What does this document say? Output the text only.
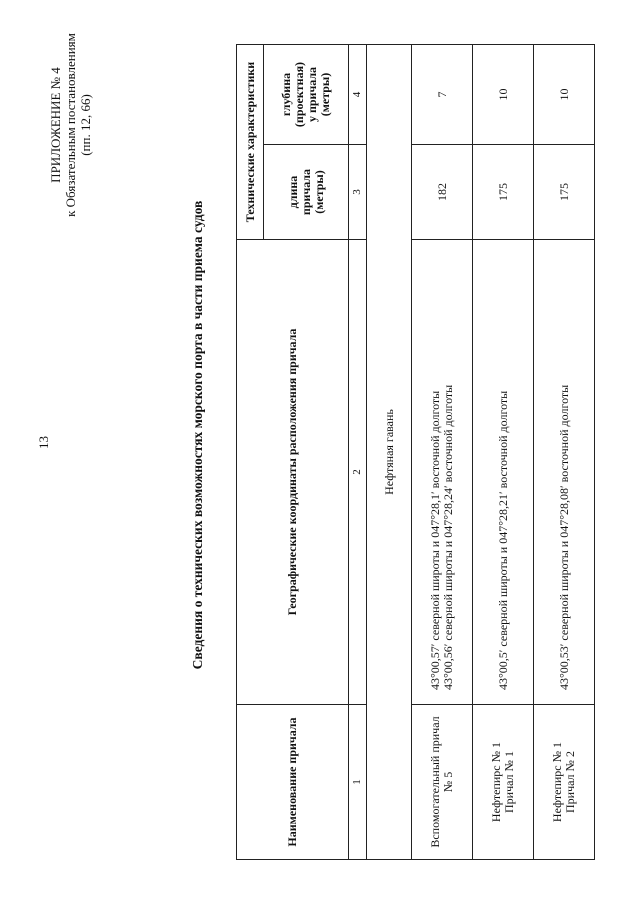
13
ПРИЛОЖЕНИЕ № 4 к Обязательным постановлениям (пп. 12, 66)
Сведения о технических возможностях морского порта в части приема судов
Наименование причала	Географические координаты расположения причала	Технические характеристики	

		длина причала (метры)	глубина (проектная) у причала (метры)

1	2	3	4
Нефтяная гавань			

Вспомогательный причал № 5	43°00,57′ северной широты и 047°28,1′ восточной долготы 43°00,56′ северной широты и 047°28,24′ восточной долготы	182	7

Нефтепирс № 1 Причал № 1	43°00,5′ северной широты и 047°28,21′ восточной долготы	175	10

Нефтепирс № 1 Причал № 2	43°00,53′ северной широты и 047°28,08′ восточной долготы	175	10
